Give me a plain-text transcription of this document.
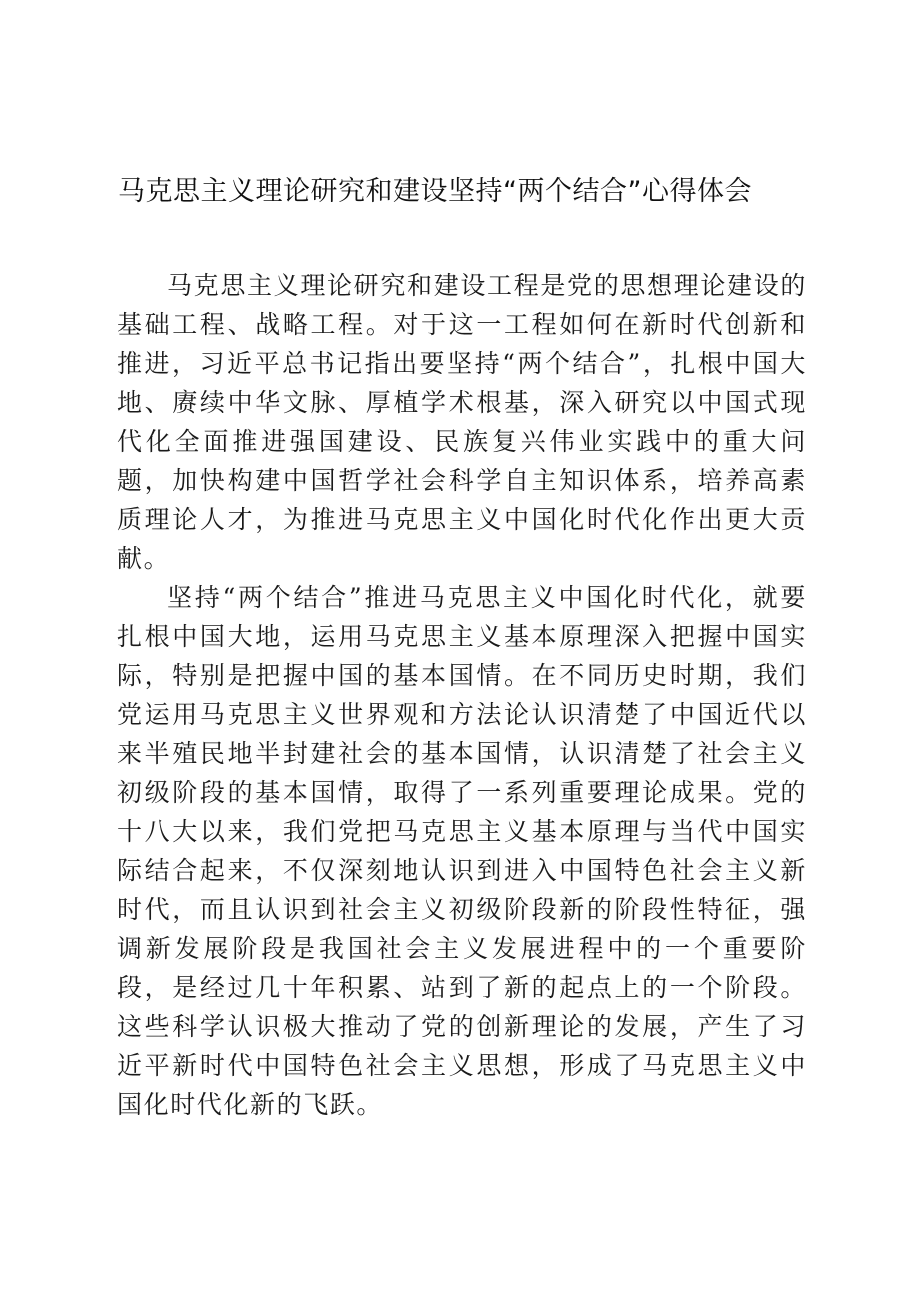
马克思主义理论研究和建设坚持“两个结合”心得体会

马克思主义理论研究和建设工程是党的思想理论建设的基础工程、战略工程。对于这一工程如何在新时代创新和推进，习近平总书记指出要坚持“两个结合”，扎根中国大地、赓续中华文脉、厚植学术根基，深入研究以中国式现代化全面推进强国建设、民族复兴伟业实践中的重大问题，加快构建中国哲学社会科学自主知识体系，培养高素质理论人才，为推进马克思主义中国化时代化作出更大贡献。

坚持“两个结合”推进马克思主义中国化时代化，就要扎根中国大地，运用马克思主义基本原理深入把握中国实际，特别是把握中国的基本国情。在不同历史时期，我们党运用马克思主义世界观和方法论认识清楚了中国近代以来半殖民地半封建社会的基本国情，认识清楚了社会主义初级阶段的基本国情，取得了一系列重要理论成果。党的十八大以来，我们党把马克思主义基本原理与当代中国实际结合起来，不仅深刻地认识到进入中国特色社会主义新时代，而且认识到社会主义初级阶段新的阶段性特征，强调新发展阶段是我国社会主义发展进程中的一个重要阶段，是经过几十年积累、站到了新的起点上的一个阶段。这些科学认识极大推动了党的创新理论的发展，产生了习近平新时代中国特色社会主义思想，形成了马克思主义中国化时代化新的飞跃。
